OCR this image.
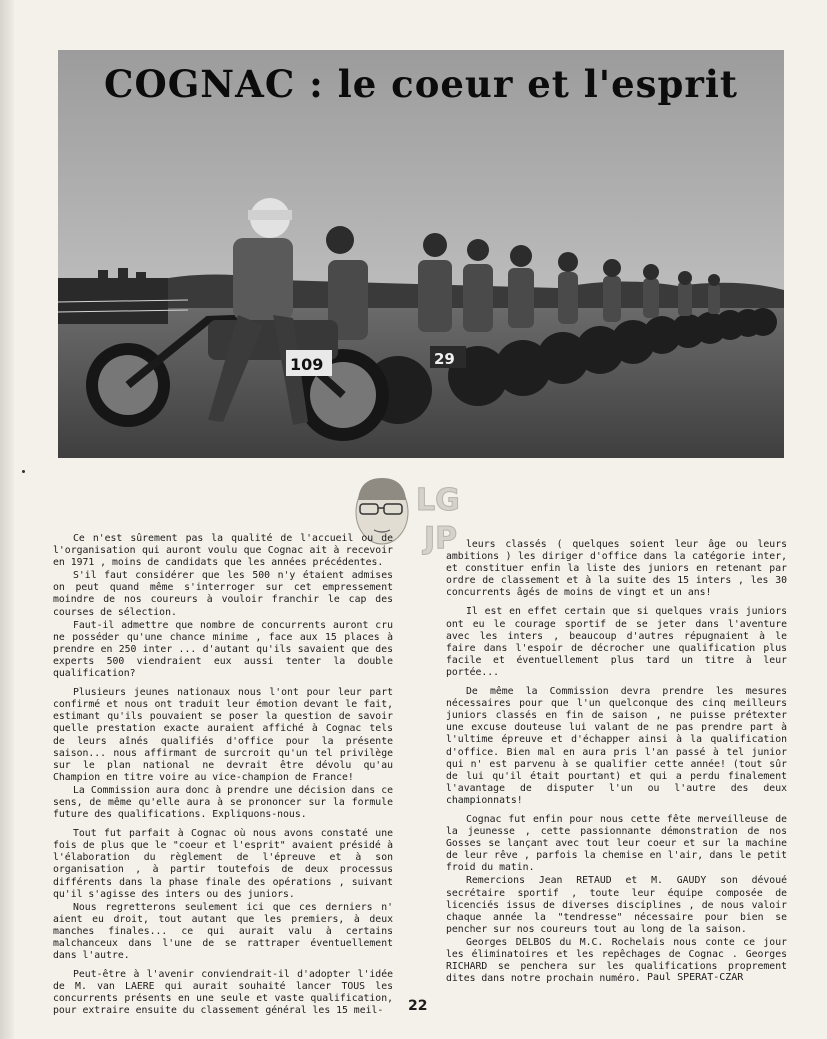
109	29
COGNAC : le coeur et l'esprit
LG
JP

Ce n'est sûrement pas la qualité de l'accueil ou de l'organisation qui auront voulu que Cognac ait à recevoir en 1971 , moins de candidats que les années précédentes.

S'il faut considérer que les 500 n'y étaient admises on peut quand même s'interroger sur cet empressement moindre de nos coureurs à vouloir franchir le cap des courses de sélection.

Faut-il admettre que nombre de concurrents auront cru ne posséder qu'une chance minime , face aux 15 places à prendre en 250 inter ... d'autant qu'ils savaient que des experts 500 viendraient eux aussi tenter la double qualification?

Plusieurs jeunes nationaux nous l'ont pour leur part confirmé et nous ont traduit leur émotion devant le fait, estimant qu'ils pouvaient se poser la question de savoir quelle prestation exacte auraient affiché à Cognac tels de leurs aînés qualifiés d'office pour la présente saison... nous affirmant de surcroit qu'un tel privilège sur le plan national ne devrait être dévolu qu'au Champion en titre voire au vice-champion de France!

La Commission aura donc à prendre une décision dans ce sens, de même qu'elle aura à se prononcer sur la formule future des qualifications. Expliquons-nous.

Tout fut parfait à Cognac où nous avons constaté une fois de plus que le "coeur et l'esprit" avaient présidé à l'élaboration du règlement de l'épreuve et à son organisation , à partir toutefois de deux processus différents dans la phase finale des opérations , suivant qu'il s'agisse des inters ou des juniors.

Nous regretterons seulement ici que ces derniers n' aient eu droit, tout autant que les premiers, à deux manches finales... ce qui aurait valu à certains malchanceux dans l'une de se rattraper éventuellement dans l'autre.

Peut-être à l'avenir conviendrait-il d'adopter l'idée de M. van LAERE qui aurait souhaité lancer TOUS les concurrents présents en une seule et vaste qualification, pour extraire ensuite du classement général les 15 meil-

leurs classés ( quelques soient leur âge ou leurs ambitions ) les diriger d'office dans la catégorie inter, et constituer enfin la liste des juniors en retenant par ordre de classement et à la suite des 15 inters , les 30 concurrents âgés de moins de vingt et un ans!

Il est en effet certain que si quelques vrais juniors ont eu le courage sportif de se jeter dans l'aventure avec les inters , beaucoup d'autres répugnaient à le faire dans l'espoir de décrocher une qualification plus facile et éventuellement plus tard un titre à leur portée...

De même la Commission devra prendre les mesures nécessaires pour que l'un quelconque des cinq meilleurs juniors classés en fin de saison , ne puisse prétexter une excuse douteuse lui valant de ne pas prendre part à l'ultime épreuve et d'échapper ainsi à la qualification d'office. Bien mal en aura pris l'an passé à tel junior qui n' est parvenu à se qualifier cette année! (tout sûr de lui qu'il était pourtant) et qui a perdu finalement l'avantage de disputer l'un ou l'autre des deux championnats!

Cognac fut enfin pour nous cette fête merveilleuse de la jeunesse , cette passionnante démonstration de nos Gosses se lançant avec tout leur coeur et sur la machine de leur rêve , parfois la chemise en l'air, dans le petit froid du matin.

Remercions Jean RETAUD et M. GAUDY son dévoué secrétaire sportif , toute leur équipe composée de licenciés issus de diverses disciplines , de nous valoir chaque année la "tendresse" nécessaire pour bien se pencher sur nos coureurs tout au long de la saison.

Georges DELBOS du M.C. Rochelais nous conte ce jour les éliminatoires et les repêchages de Cognac . Georges RICHARD se penchera sur les qualifications proprement dites dans notre prochain numéro. Paul SPERAT-CZAR
22
